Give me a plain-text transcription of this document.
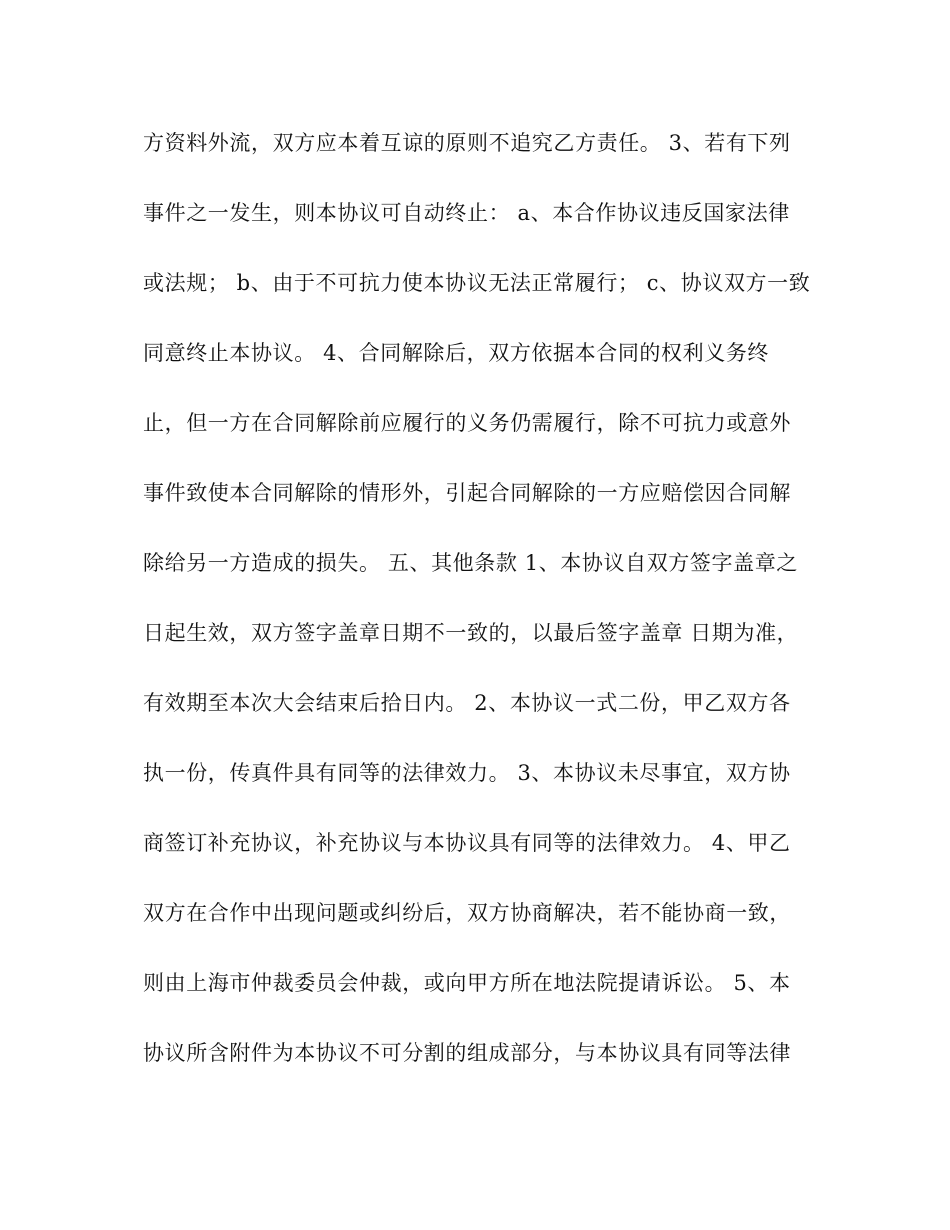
方资料外流，双方应本着互谅的原则不追究乙方责任。 3、若有下列
事件之一发生，则本协议可自动终止： a、本合作协议违反国家法律
或法规； b、由于不可抗力使本协议无法正常履行； c、协议双方一致
同意终止本协议。 4、合同解除后，双方依据本合同的权利义务终
止，但一方在合同解除前应履行的义务仍需履行，除不可抗力或意外
事件致使本合同解除的情形外，引起合同解除的一方应赔偿因合同解
除给另一方造成的损失。 五、其他条款 1、本协议自双方签字盖章之
日起生效，双方签字盖章日期不一致的，以最后签字盖章 日期为准，
有效期至本次大会结束后拾日内。 2、本协议一式二份，甲乙双方各
执一份，传真件具有同等的法律效力。 3、本协议未尽事宜，双方协
商签订补充协议，补充协议与本协议具有同等的法律效力。 4、甲乙
双方在合作中出现问题或纠纷后，双方协商解决，若不能协商一致，
则由上海市仲裁委员会仲裁，或向甲方所在地法院提请诉讼。 5、本
协议所含附件为本协议不可分割的组成部分，与本协议具有同等法律
